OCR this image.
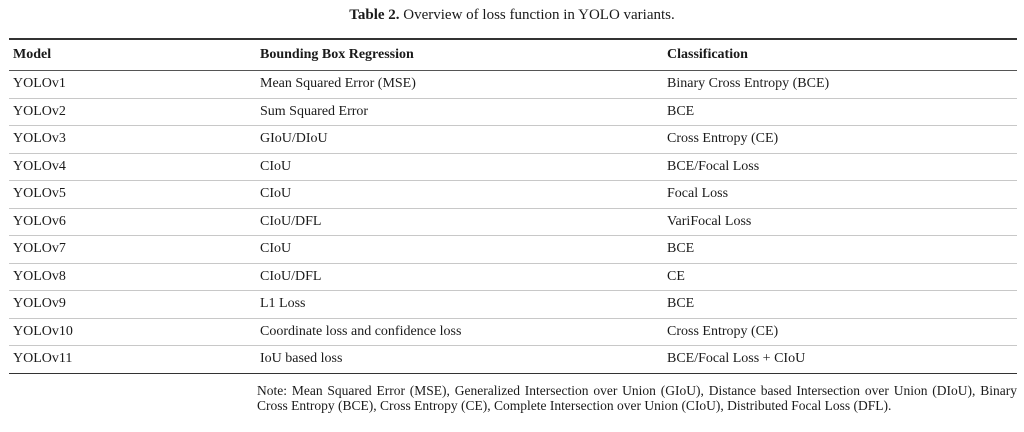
Table 2. Overview of loss function in YOLO variants.
Model	Bounding Box Regression	Classification
YOLOv1	Mean Squared Error (MSE)	Binary Cross Entropy (BCE)
YOLOv2	Sum Squared Error	BCE
YOLOv3	GIoU/DIoU	Cross Entropy (CE)
YOLOv4	CIoU	BCE/Focal Loss
YOLOv5	CIoU	Focal Loss
YOLOv6	CIoU/DFL	VariFocal Loss
YOLOv7	CIoU	BCE
YOLOv8	CIoU/DFL	CE
YOLOv9	L1 Loss	BCE
YOLOv10	Coordinate loss and confidence loss	Cross Entropy (CE)
YOLOv11	IoU based loss	BCE/Focal Loss + CIoU
Note: Mean Squared Error (MSE), Generalized Intersection over Union (GIoU), Distance based Intersection over Union (DIoU), Binary Cross Entropy (BCE), Cross Entropy (CE), Complete Intersection over Union (CIoU), Distributed Focal Loss (DFL).
